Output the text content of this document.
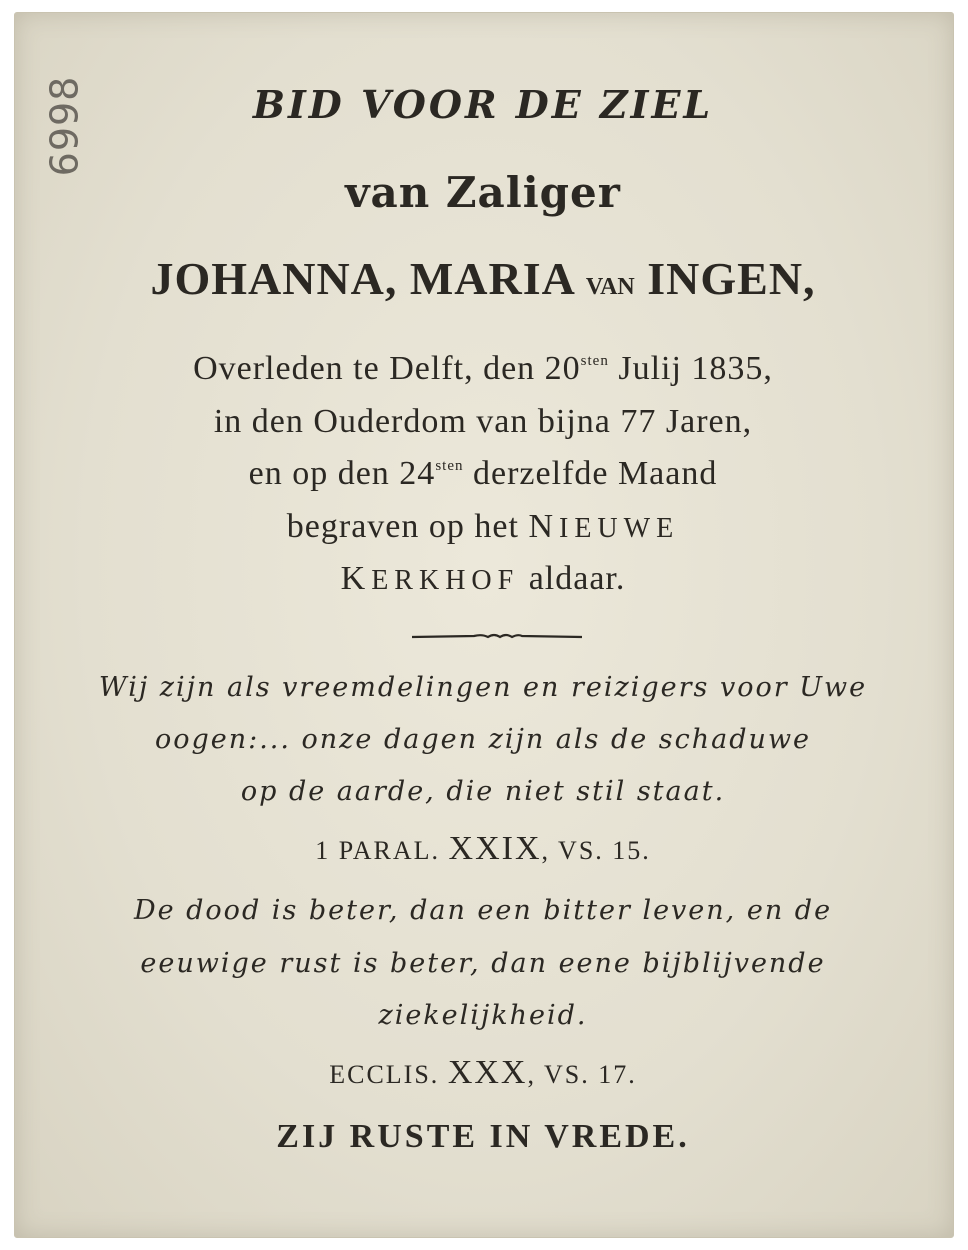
6998	BID VOOR DE ZIEL
van Zaliger
JOHANNA, MARIA VAN INGEN,
Overleden te Delft, den $20^{sten}$ Julij 1835,
in den Ouderdom van bijna 77 Jaren,
en op den $24^{sten}$ derzelfde Maand
begraven op het NIEUWE
KERKHOF aldaar.
Wij zijn als vreemdelingen en reizigers voor Uwe
oogen:... onze dagen zijn als de schaduwe
op de aarde, die niet stil staat.
1 PARAL. XXIX, VS. 15.
De dood is beter, dan een bitter leven, en de
eeuwige rust is beter, dan eene bijblijvende
ziekelijkheid.
ECCLIS. XXX, VS. 17.
ZIJ RUSTE IN VREDE.
